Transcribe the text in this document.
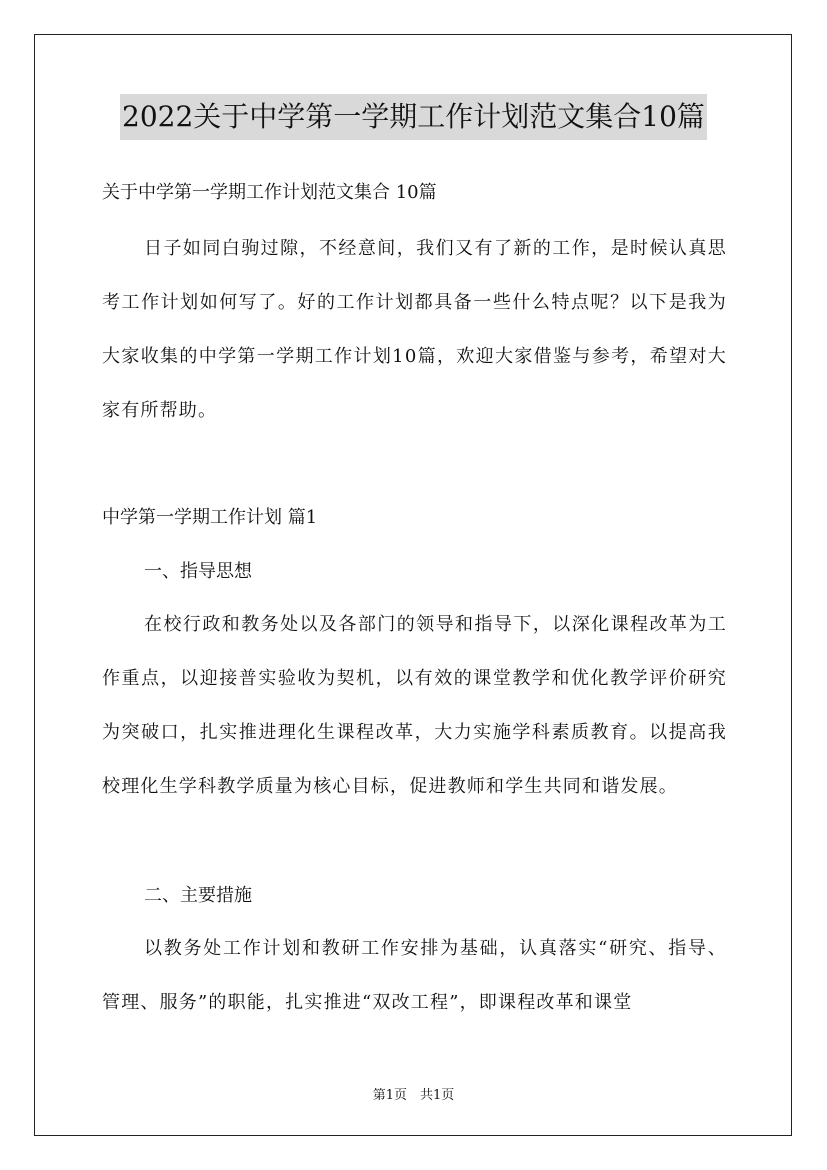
2022关于中学第一学期工作计划范文集合10篇
关于中学第一学期工作计划范文集合 10篇

日子如同白驹过隙，不经意间，我们又有了新的工作，是时候认真思考工作计划如何写了。好的工作计划都具备一些什么特点呢？以下是我为大家收集的中学第一学期工作计划10篇，欢迎大家借鉴与参考，希望对大家有所帮助。

中学第一学期工作计划 篇1
一、指导思想

在校行政和教务处以及各部门的领导和指导下，以深化课程改革为工作重点，以迎接普实验收为契机，以有效的课堂教学和优化教学评价研究为突破口，扎实推进理化生课程改革，大力实施学科素质教育。以提高我校理化生学科教学质量为核心目标，促进教师和学生共同和谐发展。

二、主要措施

以教务处工作计划和教研工作安排为基础，认真落实“研究、指导、管理、服务”的职能，扎实推进“双改工程”，即课程改革和课堂

第1页　共1页
